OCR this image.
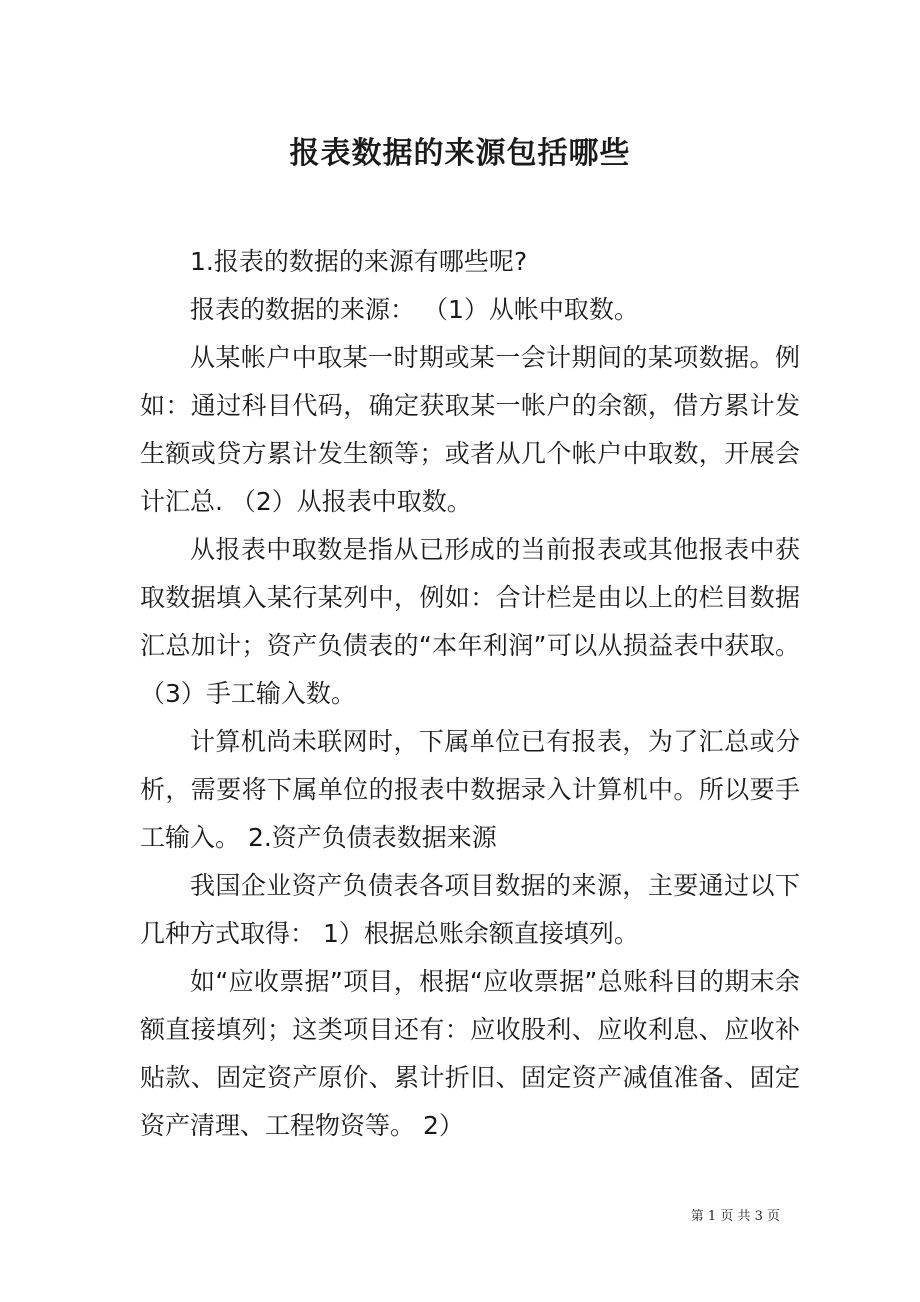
报表数据的来源包括哪些

1.报表的数据的来源有哪些呢?

报表的数据的来源： （1）从帐中取数。

从某帐户中取某一时期或某一会计期间的某项数据。例如：通过科目代码，确定获取某一帐户的余额，借方累计发生额或贷方累计发生额等；或者从几个帐户中取数，开展会计汇总. （2）从报表中取数。

从报表中取数是指从已形成的当前报表或其他报表中获取数据填入某行某列中，例如：合计栏是由以上的栏目数据汇总加计；资产负债表的“本年利润”可以从损益表中获取。 （3）手工输入数。

计算机尚未联网时，下属单位已有报表，为了汇总或分析，需要将下属单位的报表中数据录入计算机中。所以要手工输入。 2.资产负债表数据来源

我国企业资产负债表各项目数据的来源，主要通过以下几种方式取得： 1）根据总账余额直接填列。

如“应收票据”项目，根据“应收票据”总账科目的期末余额直接填列；这类项目还有：应收股利、应收利息、应收补贴款、固定资产原价、累计折旧、固定资产减值准备、固定资产清理、工程物资等。 2）

第 1 页 共 3 页
